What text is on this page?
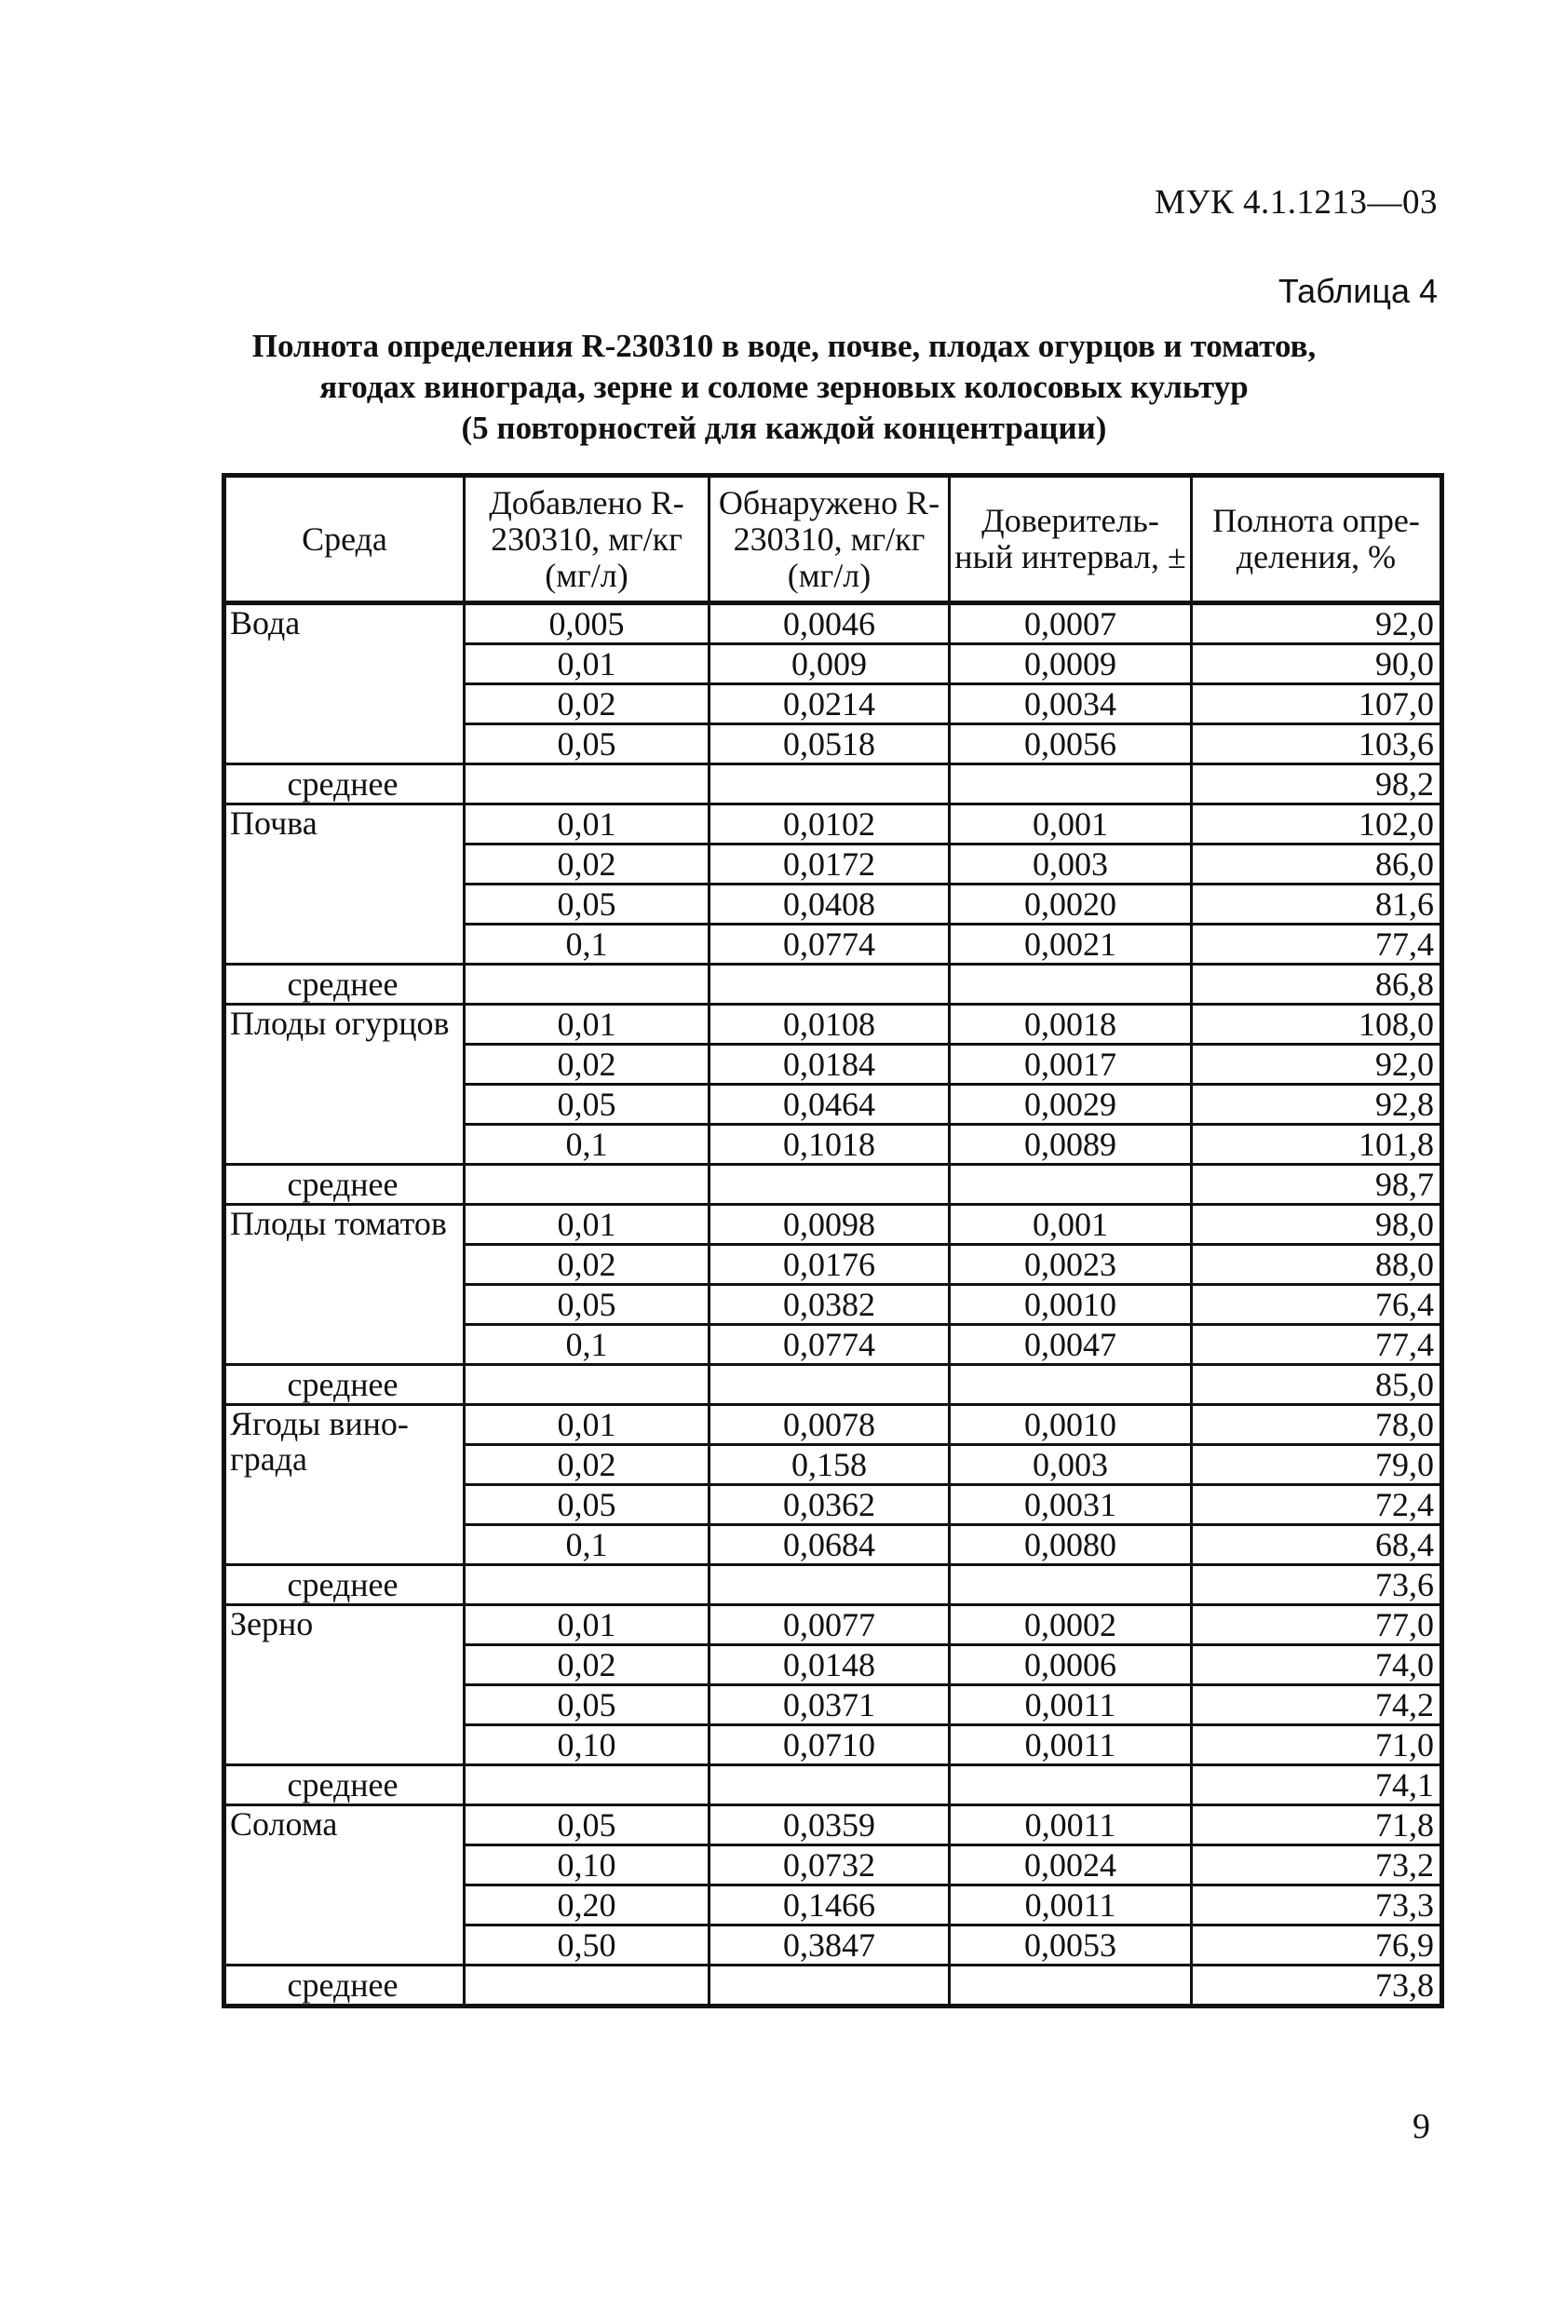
МУК 4.1.1213—03
Таблица 4
Полнота определения R-230310 в воде, почве, плодах огурцов и томатов,
ягодах винограда, зерне и соломе зерновых колосовых культур
(5 повторностей для каждой концентрации)
Среда	Добавлено R-230310, мг/кг (мг/л)	Обнаружено R-230310, мг/кг (мг/л)	Доверитель-ный интервал, ±	Полнота опре-деления, %
Вода	0,005	0,0046	0,0007	92,0
	0,01	0,009	0,0009	90,0
	0,02	0,0214	0,0034	107,0
	0,05	0,0518	0,0056	103,6
среднее				98,2
Почва	0,01	0,0102	0,001	102,0
	0,02	0,0172	0,003	86,0
	0,05	0,0408	0,0020	81,6
	0,1	0,0774	0,0021	77,4
среднее				86,8
Плоды огурцов	0,01	0,0108	0,0018	108,0
	0,02	0,0184	0,0017	92,0
	0,05	0,0464	0,0029	92,8
	0,1	0,1018	0,0089	101,8
среднее				98,7
Плоды томатов	0,01	0,0098	0,001	98,0
	0,02	0,0176	0,0023	88,0
	0,05	0,0382	0,0010	76,4
	0,1	0,0774	0,0047	77,4
среднее				85,0
Ягоды вино-града	0,01	0,0078	0,0010	78,0
	0,02	0,158	0,003	79,0
	0,05	0,0362	0,0031	72,4
	0,1	0,0684	0,0080	68,4
среднее				73,6
Зерно	0,01	0,0077	0,0002	77,0
	0,02	0,0148	0,0006	74,0
	0,05	0,0371	0,0011	74,2
	0,10	0,0710	0,0011	71,0
среднее				74,1
Солома	0,05	0,0359	0,0011	71,8
	0,10	0,0732	0,0024	73,2
	0,20	0,1466	0,0011	73,3
	0,50	0,3847	0,0053	76,9
среднее				73,8
9
